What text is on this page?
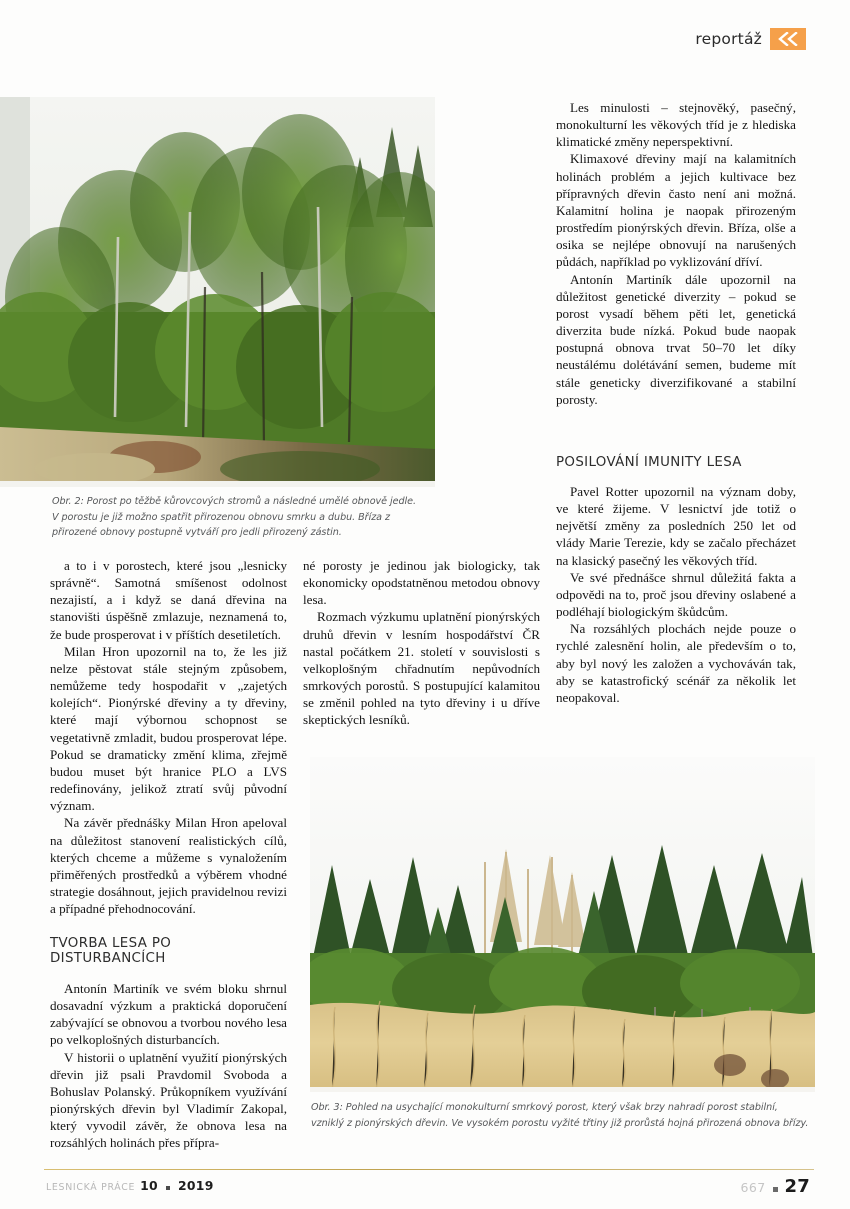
reportáž
Obr. 2: Porost po těžbě kůrovcových stromů a následné umělé obnově jedle. V porostu je již možno spatřit přirozenou obnovu smrku a dubu. Bříza z přirozené obnovy postupně vytváří pro jedli přirozený zástin.

a to i v porostech, které jsou „lesnicky správně“. Samotná smíšenost odolnost nezajistí, a i když se daná dřevina na stanovišti úspěšně zmlazuje, neznamená to, že bude prosperovat i v příštích desetiletích.

Milan Hron upozornil na to, že les již nelze pěstovat stále stejným způsobem, nemůžeme tedy hospodařit v „zajetých kolejích“. Pionýrské dřeviny a ty dřeviny, které mají výbornou schopnost se vegetativně zmladit, budou prosperovat lépe. Pokud se dramaticky změní klima, zřejmě budou muset být hranice PLO a LVS redefinovány, jelikož ztratí svůj původní význam.

Na závěr přednášky Milan Hron apeloval na důležitost stanovení realistických cílů, kterých chceme a můžeme s vynaložením přiměřených prostředků a výběrem vhodné strategie dosáhnout, jejich pravidelnou revizi a případné přehodnocování.

TVORBA LESA PO DISTURBANCÍCH

Antonín Martiník ve svém bloku shrnul dosavadní výzkum a praktická doporučení zabývající se obnovou a tvorbou nového lesa po velkoplošných disturbancích.

V historii o uplatnění využití pionýrských dřevin již psali Pravdomil Svoboda a Bohuslav Polanský. Průkopníkem využívání pionýrských dřevin byl Vladimír Zakopal, který vyvodil závěr, že obnova lesa na rozsáhlých holinách přes přípra-

né porosty je jedinou jak biologicky, tak ekonomicky opodstatněnou metodou obnovy lesa.

Rozmach výzkumu uplatnění pionýrských druhů dřevin v lesním hospodářství ČR nastal počátkem 21. století v souvislosti s velkoplošným chřadnutím nepůvodních smrkových porostů. S postupující kalamitou se změnil pohled na tyto dřeviny i u dříve skeptických lesníků.

Les minulosti – stejnověký, pasečný, monokulturní les věkových tříd je z hlediska klimatické změny neperspektivní.

Klimaxové dřeviny mají na kalamitních holinách problém a jejich kultivace bez přípravných dřevin často není ani možná. Kalamitní holina je naopak přirozeným prostředím pionýrských dřevin. Bříza, olše a osika se nejlépe obnovují na narušených půdách, například po vyklizování dříví.

Antonín Martiník dále upozornil na důležitost genetické diverzity – pokud se porost vysadí během pěti let, genetická diverzita bude nízká. Pokud bude naopak postupná obnova trvat 50–70 let díky neustálému dolétávání semen, budeme mít stále geneticky diverzifikované a stabilní porosty.

POSILOVÁNÍ IMUNITY LESA

Pavel Rotter upozornil na význam doby, ve které žijeme. V lesnictví jde totiž o největší změny za posledních 250 let od vlády Marie Terezie, kdy se začalo přecházet na klasický pasečný les věkových tříd.

Ve své přednášce shrnul důležitá fakta a odpovědi na to, proč jsou dřeviny oslabené a podléhají biologickým škůdcům.

Na rozsáhlých plochách nejde pouze o rychlé zalesnění holin, ale především o to, aby byl nový les založen a vychováván tak, aby se katastrofický scénář za několik let neopakoval.

Obr. 3: Pohled na usychající monokulturní smrkový porost, který však brzy nahradí porost stabilní, vzniklý z pionýrských dřevin. Ve vysokém porostu vyžité třtiny již prorůstá hojná přirozená obnova břízy.
LESNICKÁ PRÁCE 10 2019	667 27
